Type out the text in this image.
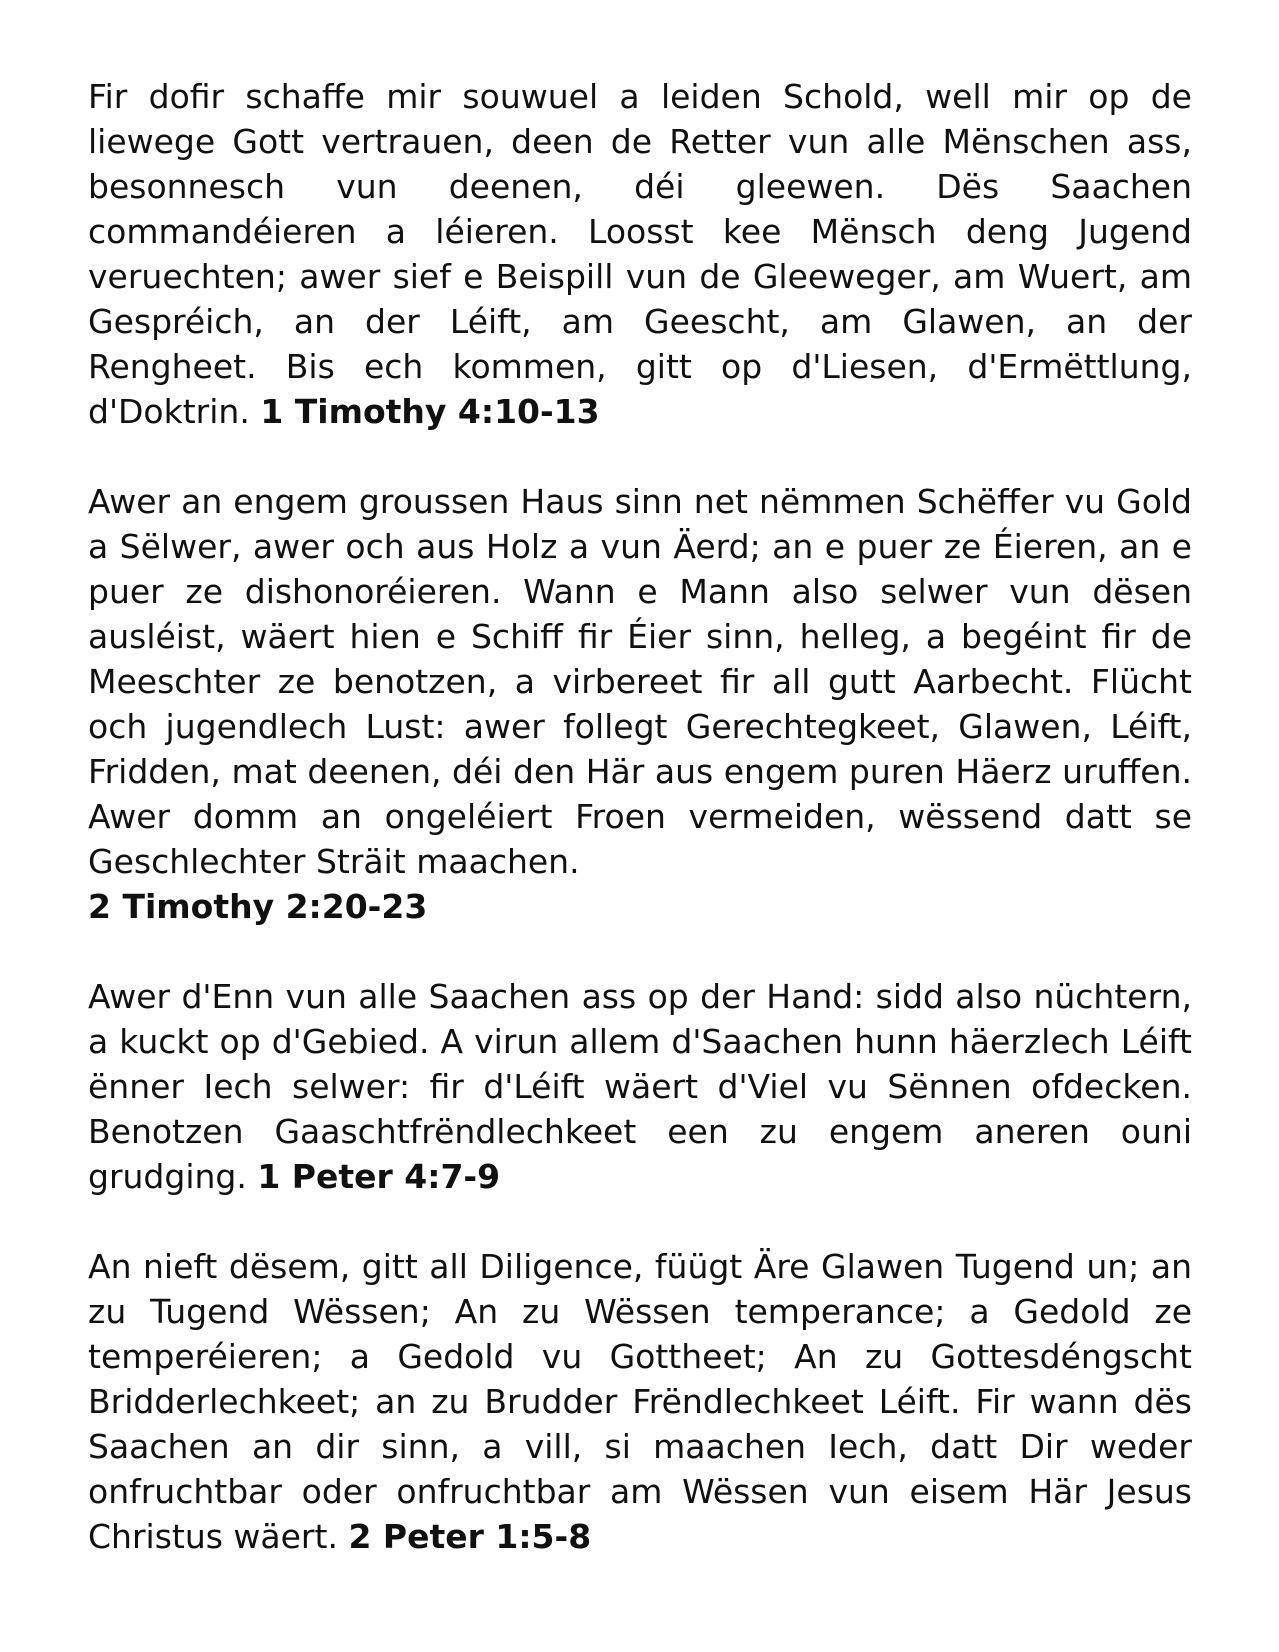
Fir dofir schaffe mir souwuel a leiden Schold, well mir op de liewege Gott vertrauen, deen de Retter vun alle Mënschen ass, besonnesch vun deenen, déi gleewen. Dës Saachen commandéieren a léieren. Loosst kee Mënsch deng Jugend veruechten; awer sief e Beispill vun de Gleeweger, am Wuert, am Gespréich, an der Léift, am Geescht, am Glawen, an der Rengheet. Bis ech kommen, gitt op d'Liesen, d'Ermëttlung, d'Doktrin. 1 Timothy 4:10-13

Awer an engem groussen Haus sinn net nëmmen Schëffer vu Gold a Sëlwer, awer och aus Holz a vun Äerd; an e puer ze Éieren, an e puer ze dishonoréieren. Wann e Mann also selwer vun dësen ausléist, wäert hien e Schiff fir Éier sinn, helleg, a begéint fir de Meeschter ze benotzen, a virbereet fir all gutt Aarbecht. Flücht och jugendlech Lust: awer follegt Gerechtegkeet, Glawen, Léift, Fridden, mat deenen, déi den Här aus engem puren Häerz uruffen. Awer domm an ongeléiert Froen vermeiden, wëssend datt se Geschlechter Sträit maachen.
2 Timothy 2:20-23

Awer d'Enn vun alle Saachen ass op der Hand: sidd also nüchtern, a kuckt op d'Gebied. A virun allem d'Saachen hunn häerzlech Léift ënner Iech selwer: fir d'Léift wäert d'Viel vu Sënnen ofdecken. Benotzen Gaaschtfrëndlechkeet een zu engem aneren ouni grudging. 1 Peter 4:7-9

An nieft dësem, gitt all Diligence, füügt Äre Glawen Tugend un; an zu Tugend Wëssen; An zu Wëssen temperance; a Gedold ze temperéieren; a Gedold vu Gottheet; An zu Gottesdéngscht Bridderlechkeet; an zu Brudder Frëndlechkeet Léift. Fir wann dës Saachen an dir sinn, a vill, si maachen Iech, datt Dir weder onfruchtbar oder onfruchtbar am Wëssen vun eisem Här Jesus Christus wäert. 2 Peter 1:5-8
